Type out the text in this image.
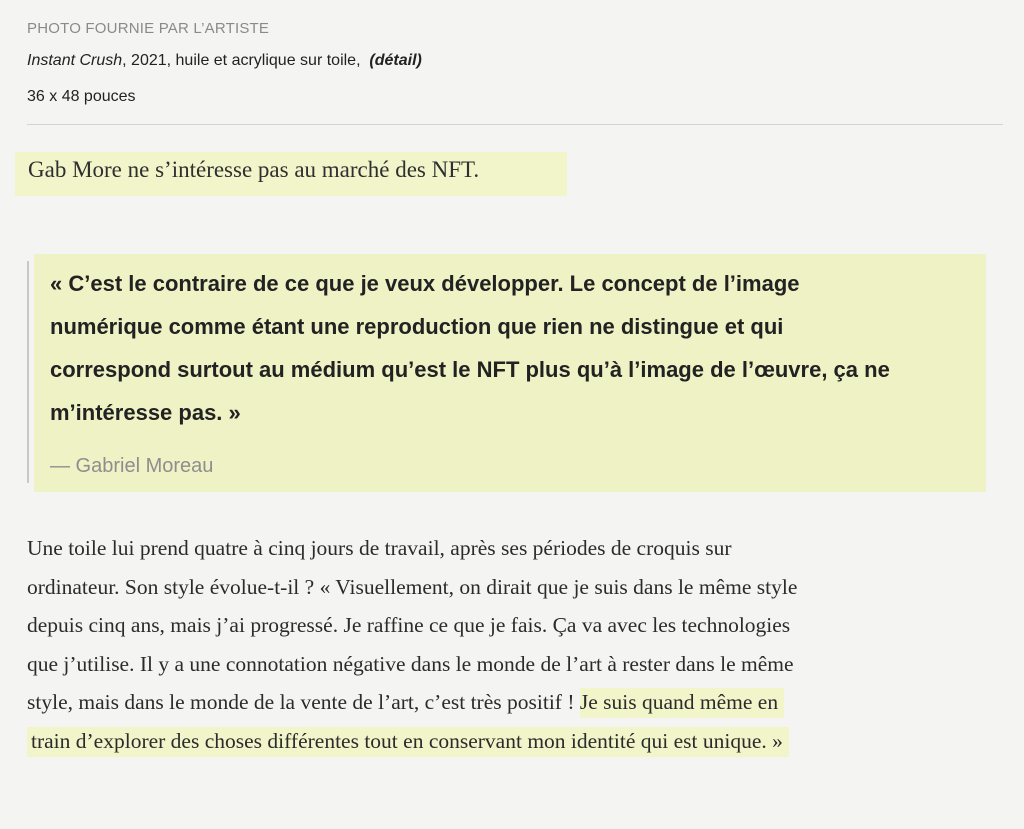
PHOTO FOURNIE PAR L’ARTISTE

Instant Crush, 2021, huile et acrylique sur toile, (détail)

36 x 48 pouces

Gab More ne s’intéresse pas au marché des NFT.

« C’est le contraire de ce que je veux développer. Le concept de l’image
numérique comme étant une reproduction que rien ne distingue et qui
correspond surtout au médium qu’est le NFT plus qu’à l’image de l’œuvre, ça ne
m’intéresse pas. »

— Gabriel Moreau

Une toile lui prend quatre à cinq jours de travail, après ses périodes de croquis sur
ordinateur. Son style évolue-t-il ? « Visuellement, on dirait que je suis dans le même style
depuis cinq ans, mais j’ai progressé. Je raffine ce que je fais. Ça va avec les technologies
que j’utilise. Il y a une connotation négative dans le monde de l’art à rester dans le même
style, mais dans le monde de la vente de l’art, c’est très positif ! Je suis quand même en
train d’explorer des choses différentes tout en conservant mon identité qui est unique. »
